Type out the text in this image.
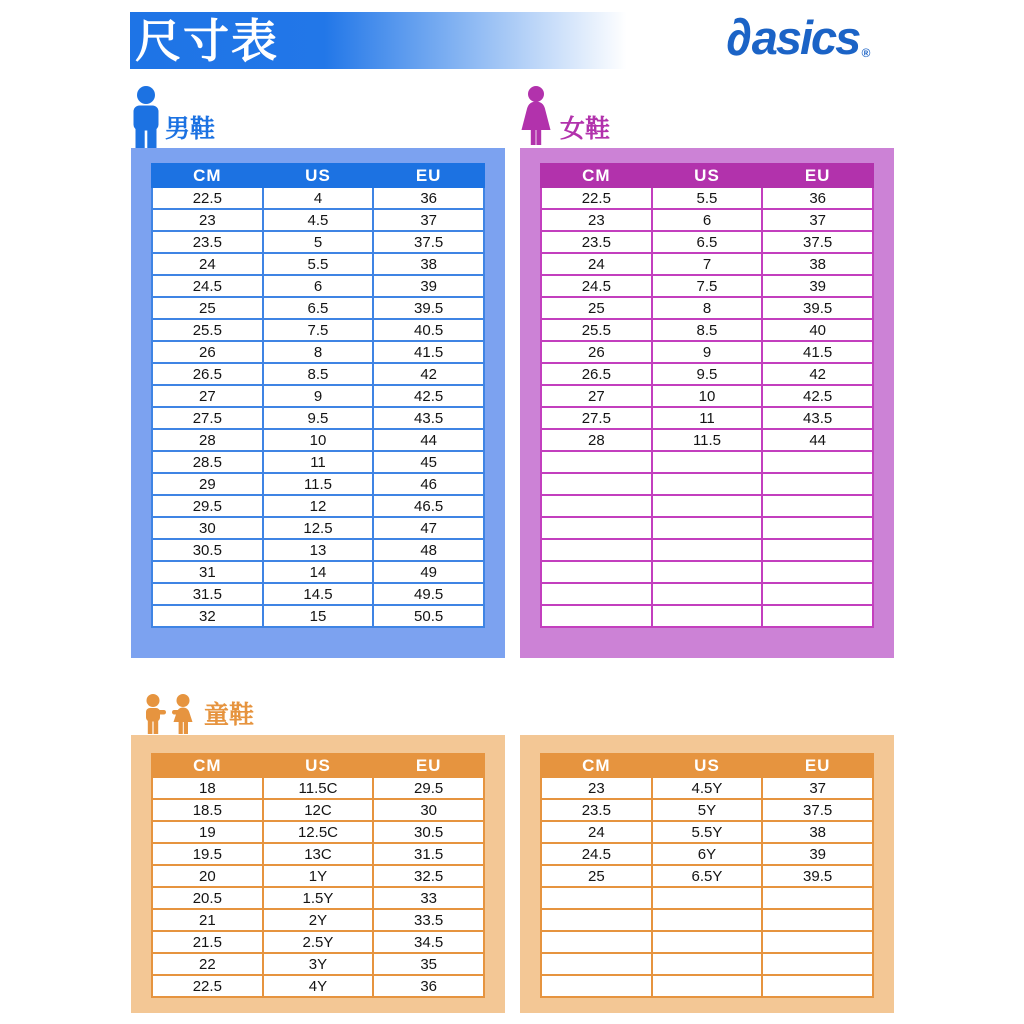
尺寸表	∂ asics ®
男鞋
CM	US	EU
22.5	4	36
23	4.5	37
23.5	5	37.5
24	5.5	38
24.5	6	39
25	6.5	39.5
25.5	7.5	40.5
26	8	41.5
26.5	8.5	42
27	9	42.5
27.5	9.5	43.5
28	10	44
28.5	11	45
29	11.5	46
29.5	12	46.5
30	12.5	47
30.5	13	48
31	14	49
31.5	14.5	49.5
32	15	50.5
女鞋
CM	US	EU
22.5	5.5	36
23	6	37
23.5	6.5	37.5
24	7	38
24.5	7.5	39
25	8	39.5
25.5	8.5	40
26	9	41.5
26.5	9.5	42
27	10	42.5
27.5	11	43.5
28	11.5	44

童鞋
CM	US	EU
18	11.5C	29.5
18.5	12C	30
19	12.5C	30.5
19.5	13C	31.5
20	1Y	32.5
20.5	1.5Y	33
21	2Y	33.5
21.5	2.5Y	34.5
22	3Y	35
22.5	4Y	36
CM	US	EU
23	4.5Y	37
23.5	5Y	37.5
24	5.5Y	38
24.5	6Y	39
25	6.5Y	39.5
